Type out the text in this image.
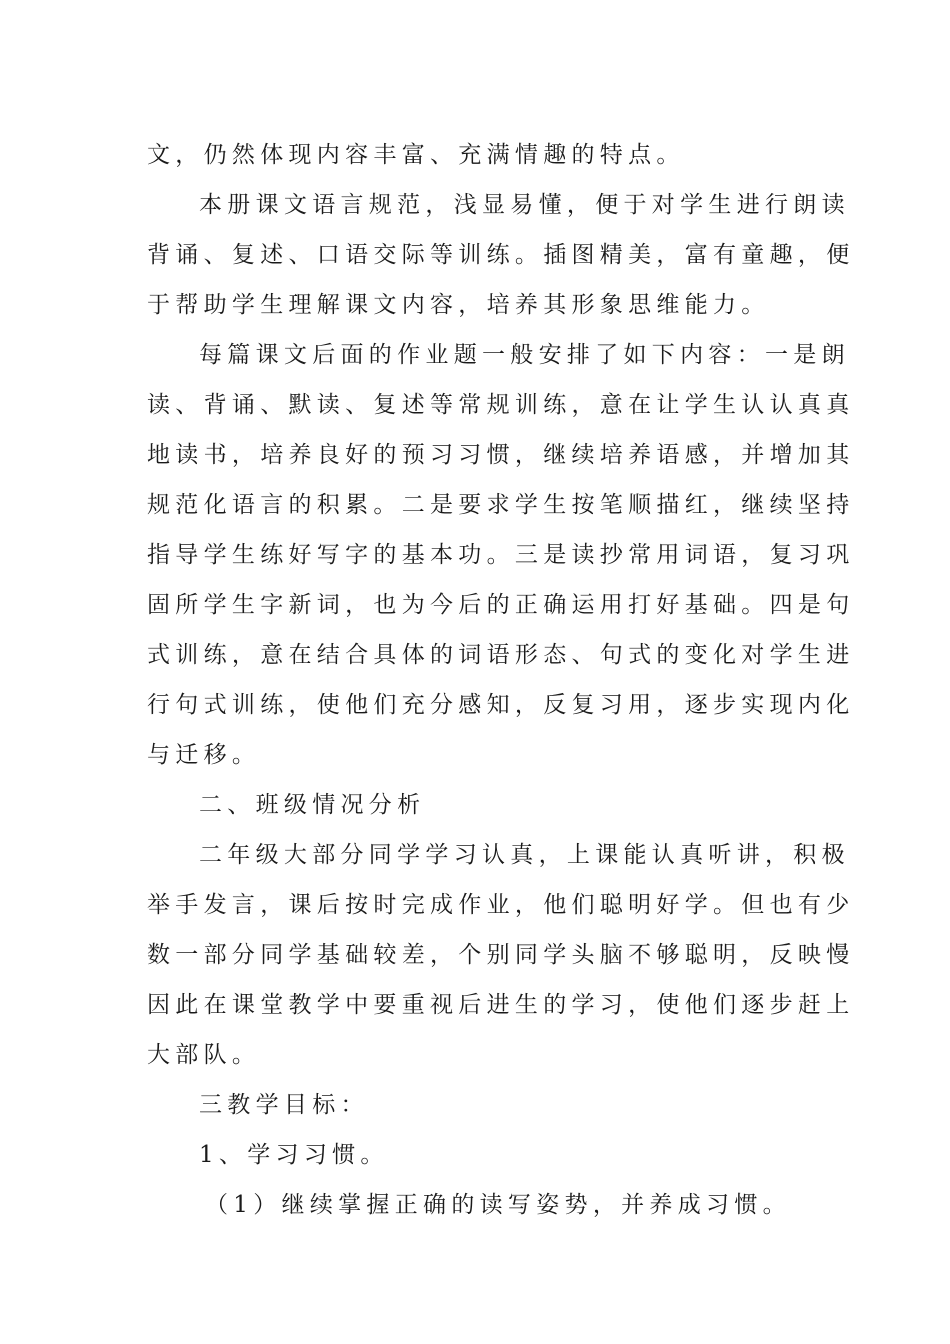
文，仍然体现内容丰富、充满情趣的特点。
本册课文语言规范，浅显易懂，便于对学生进行朗读
背诵、复述、口语交际等训练。插图精美，富有童趣，便
于帮助学生理解课文内容，培养其形象思维能力。
每篇课文后面的作业题一般安排了如下内容：一是朗
读、背诵、默读、复述等常规训练，意在让学生认认真真
地读书，培养良好的预习习惯，继续培养语感，并增加其
规范化语言的积累。二是要求学生按笔顺描红，继续坚持
指导学生练好写字的基本功。三是读抄常用词语，复习巩
固所学生字新词，也为今后的正确运用打好基础。四是句
式训练，意在结合具体的词语形态、句式的变化对学生进
行句式训练，使他们充分感知，反复习用，逐步实现内化
与迁移。
二、班级情况分析
二年级大部分同学学习认真，上课能认真听讲，积极
举手发言，课后按时完成作业，他们聪明好学。但也有少
数一部分同学基础较差，个别同学头脑不够聪明，反映慢
因此在课堂教学中要重视后进生的学习，使他们逐步赶上
大部队。
三教学目标：
1、学习习惯。
（1）继续掌握正确的读写姿势，并养成习惯。
